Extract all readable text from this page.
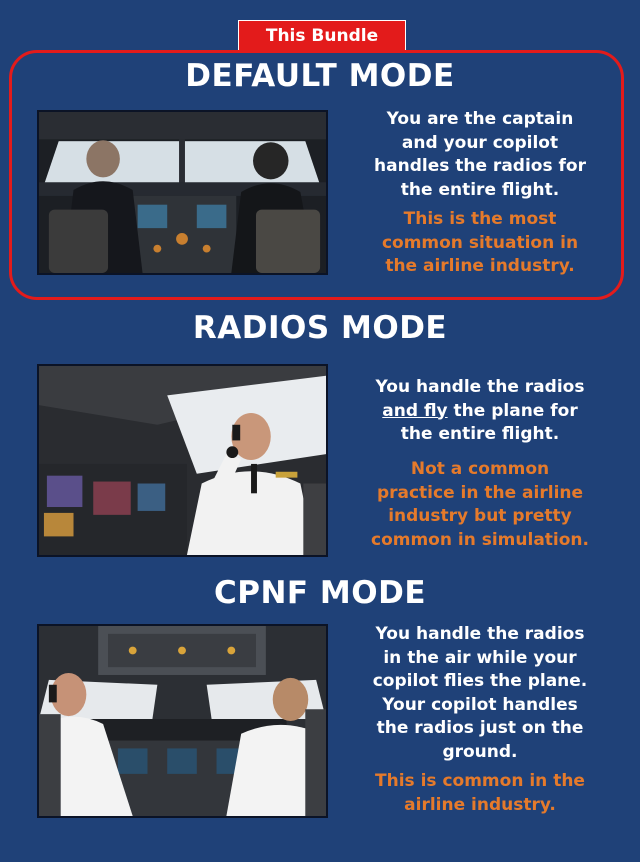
This Bundle
DEFAULT MODE
You are the captain
and your copilot
handles the radios for
the entire flight.
This is the most
common situation in
the airline industry.
RADIOS MODE
You handle the radios
and fly the plane for
the entire flight.
Not a common
practice in the airline
industry but pretty
common in simulation.
CPNF MODE
You handle the radios
in the air while your
copilot flies the plane.
Your copilot handles
the radios just on the
ground.
This is common in the
airline industry.
